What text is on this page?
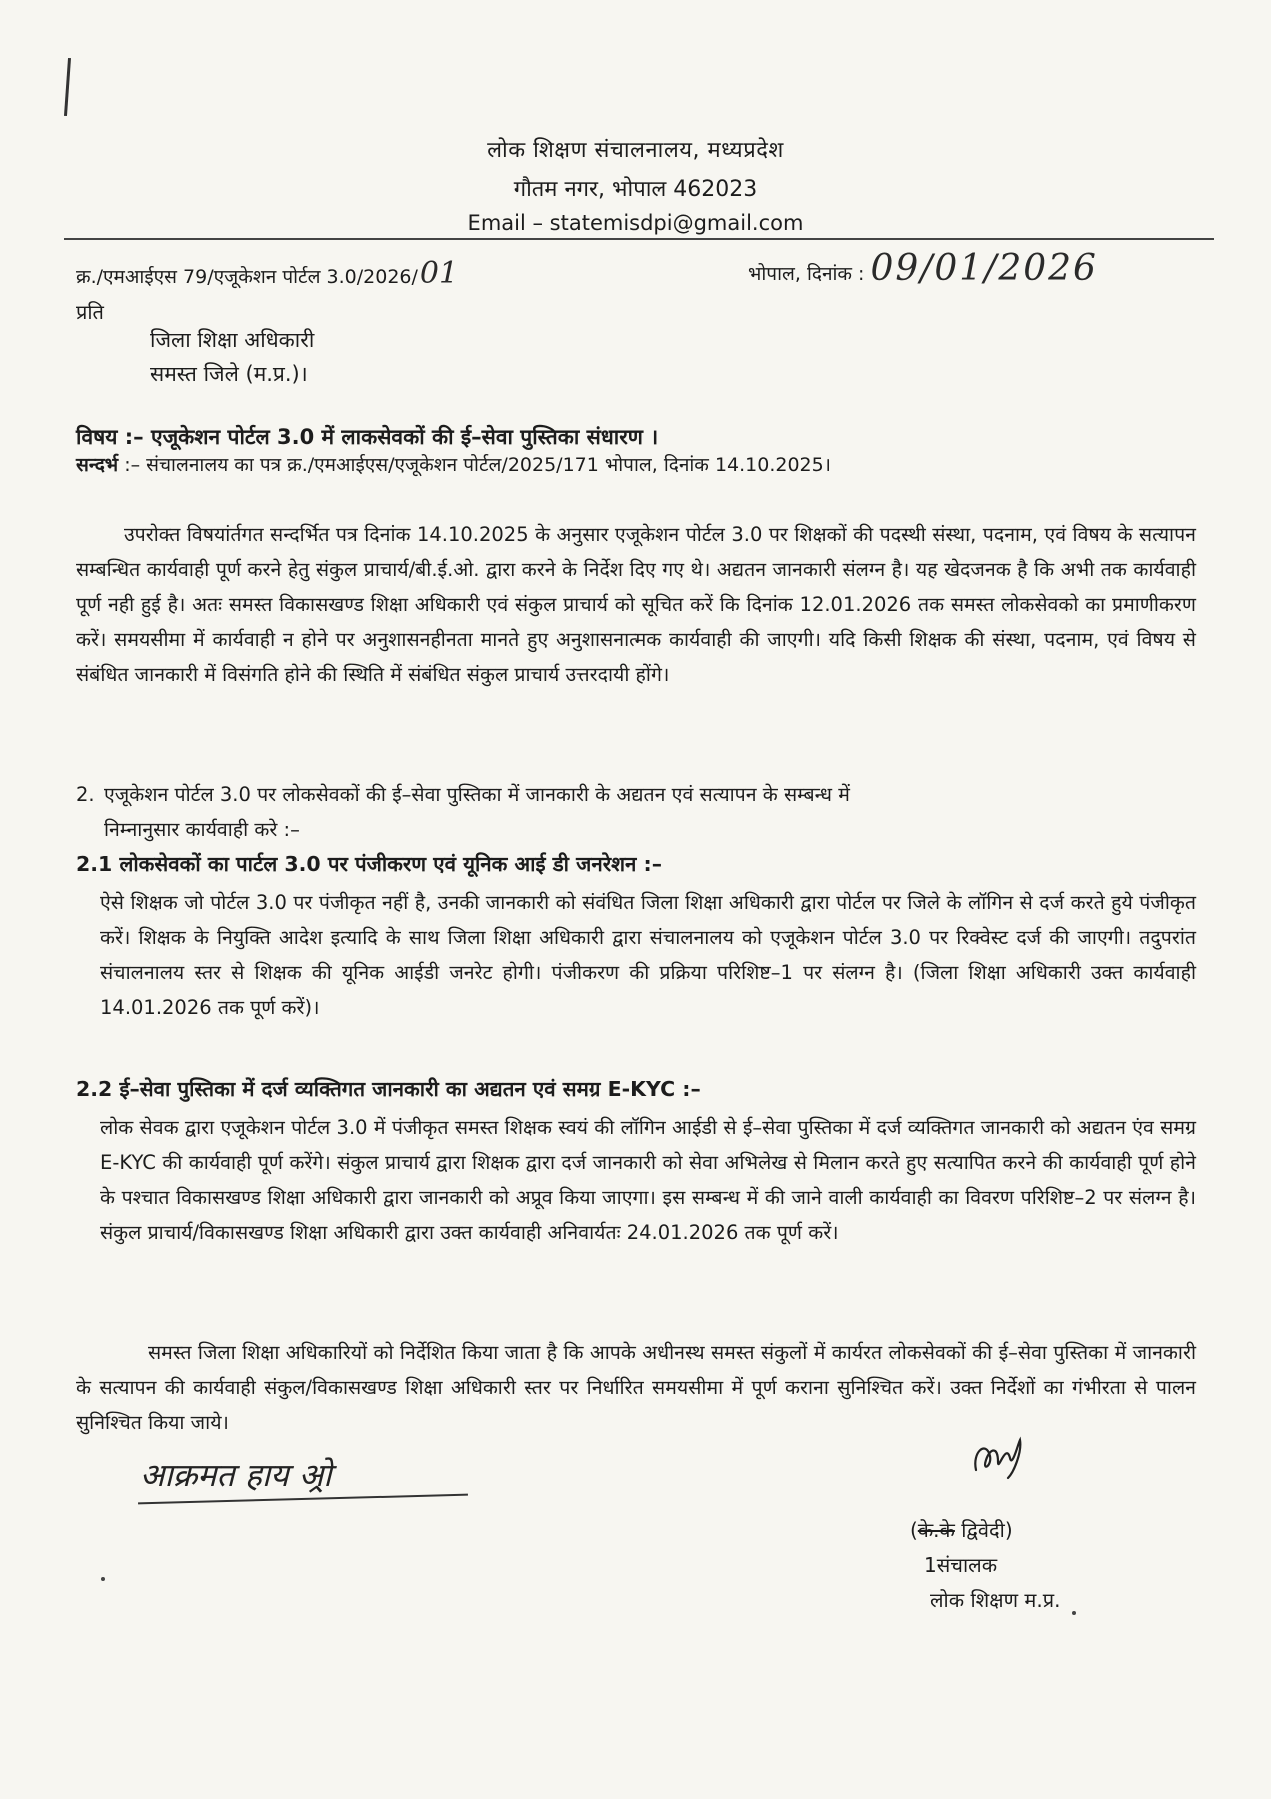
लोक शिक्षण संचालनालय, मध्यप्रदेश
गौतम नगर, भोपाल 462023
Email – statemisdpi@gmail.com
क्र./एमआईएस 79/एजूकेशन पोर्टल 3.0/2026/01	भोपाल, दिनांक : 09/01/2026
प्रति
जिला शिक्षा अधिकारी
समस्त जिले (म.प्र.)।
विषय :– एजूकेशन पोर्टल 3.0 में लाकसेवकों की ई–सेवा पुस्तिका संधारण ।
सन्दर्भ :– संचालनालय का पत्र क्र./एमआईएस/एजूकेशन पोर्टल/2025/171 भोपाल, दिनांक 14.10.2025।
उपरोक्त विषयांर्तगत सन्दर्भित पत्र दिनांक 14.10.2025 के अनुसार एजूकेशन पोर्टल 3.0 पर शिक्षकों की पदस्थी संस्था, पदनाम, एवं विषय के सत्यापन सम्बन्धित कार्यवाही पूर्ण करने हेतु संकुल प्राचार्य/बी.ई.ओ. द्वारा करने के निर्देश दिए गए थे। अद्यतन जानकारी संलग्न है। यह खेदजनक है कि अभी तक कार्यवाही पूर्ण नही हुई है। अतः समस्त विकासखण्ड शिक्षा अधिकारी एवं संकुल प्राचार्य को सूचित करें कि दिनांक 12.01.2026 तक समस्त लोकसेवको का प्रमाणीकरण करें। समयसीमा में कार्यवाही न होने पर अनुशासनहीनता मानते हुए अनुशासनात्मक कार्यवाही की जाएगी। यदि किसी शिक्षक की संस्था, पदनाम, एवं विषय से संबंधित जानकारी में विसंगति होने की स्थिति में संबंधित संकुल प्राचार्य उत्तरदायी होंगे।
2. एजूकेशन पोर्टल 3.0 पर लोकसेवकों की ई–सेवा पुस्तिका में जानकारी के अद्यतन एवं सत्यापन के सम्बन्ध में
निम्नानुसार कार्यवाही करे :–
2.1 लोकसेवकों का पार्टल 3.0 पर पंजीकरण एवं यूनिक आई डी जनरेशन :–
ऐसे शिक्षक जो पोर्टल 3.0 पर पंजीकृत नहीं है, उनकी जानकारी को संवंधित जिला शिक्षा अधिकारी द्वारा पोर्टल पर जिले के लॉगिन से दर्ज करते हुये पंजीकृत करें। शिक्षक के नियुक्ति आदेश इत्यादि के साथ जिला शिक्षा अधिकारी द्वारा संचालनालय को एजूकेशन पोर्टल 3.0 पर रिक्वेस्ट दर्ज की जाएगी। तदुपरांत संचालनालय स्तर से शिक्षक की यूनिक आईडी जनरेट होगी। पंजीकरण की प्रक्रिया परिशिष्ट–1 पर संलग्न है। (जिला शिक्षा अधिकारी उक्त कार्यवाही 14.01.2026 तक पूर्ण करें)।
2.2 ई–सेवा पुस्तिका में दर्ज व्यक्तिगत जानकारी का अद्यतन एवं समग्र E-KYC :–
लोक सेवक द्वारा एजूकेशन पोर्टल 3.0 में पंजीकृत समस्त शिक्षक स्वयं की लॉगिन आईडी से ई–सेवा पुस्तिका में दर्ज व्यक्तिगत जानकारी को अद्यतन एंव समग्र E-KYC की कार्यवाही पूर्ण करेंगे। संकुल प्राचार्य द्वारा शिक्षक द्वारा दर्ज जानकारी को सेवा अभिलेख से मिलान करते हुए सत्यापित करने की कार्यवाही पूर्ण होने के पश्चात विकासखण्ड शिक्षा अधिकारी द्वारा जानकारी को अप्रूव किया जाएगा। इस सम्बन्ध में की जाने वाली कार्यवाही का विवरण परिशिष्ट–2 पर संलग्न है। संकुल प्राचार्य/विकासखण्ड शिक्षा अधिकारी द्वारा उक्त कार्यवाही अनिवार्यतः 24.01.2026 तक पूर्ण करें।
समस्त जिला शिक्षा अधिकारियों को निर्देशित किया जाता है कि आपके अधीनस्थ समस्त संकुलों में कार्यरत लोकसेवकों की ई–सेवा पुस्तिका में जानकारी के सत्यापन की कार्यवाही संकुल/विकासखण्ड शिक्षा अधिकारी स्तर पर निर्धारित समयसीमा में पूर्ण कराना सुनिश्चित करें। उक्त निर्देशों का गंभीरता से पालन सुनिश्चित किया जाये।
आक्रमत हाय अ्रो
(के.के द्विवेदी)
1संचालक
लोक शिक्षण म.प्र.
